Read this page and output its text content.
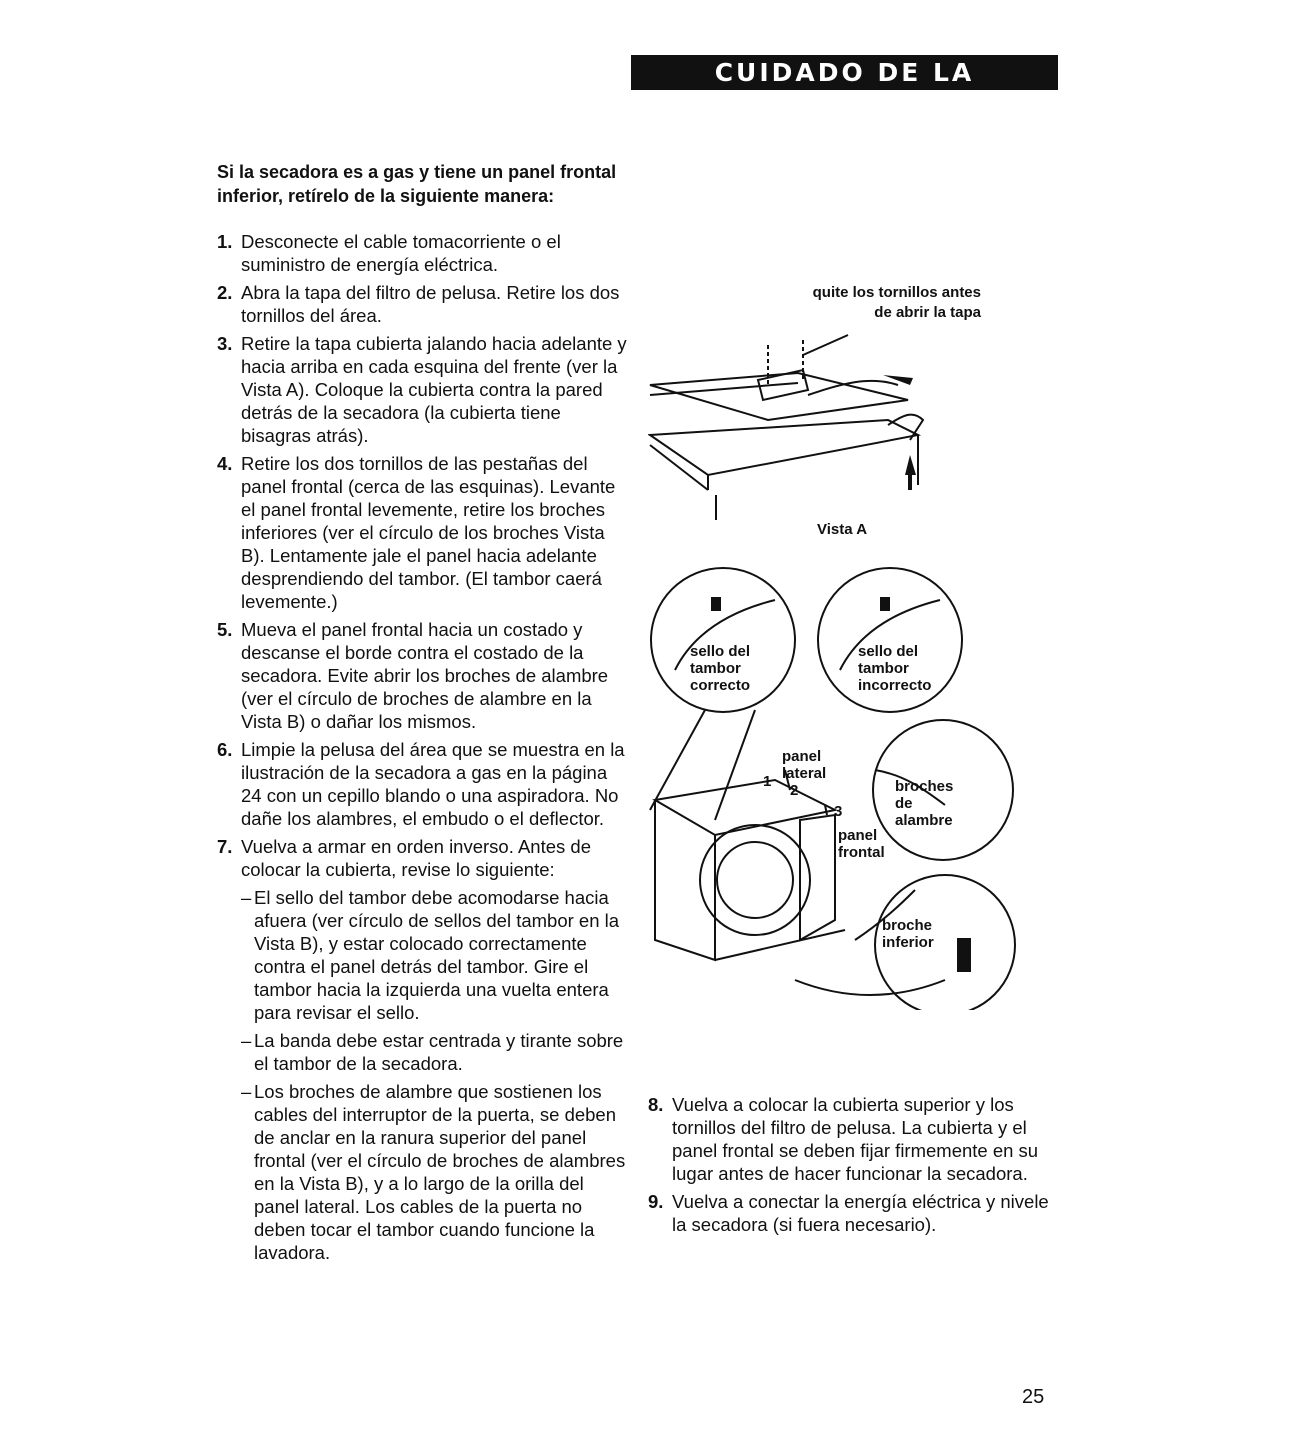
CUIDADO DE LA SECADORA
Si la secadora es a gas y tiene un panel frontal inferior, retírelo de la siguiente manera:
1. Desconecte el cable tomacorriente o el suministro de energía eléctrica.
2. Abra la tapa del filtro de pelusa. Retire los dos tornillos del área.
3. Retire la tapa cubierta jalando hacia adelante y hacia arriba en cada esquina del frente (ver la Vista A). Coloque la cubierta contra la pared detrás de la secadora (la cubierta tiene bisagras atrás).
4. Retire los dos tornillos de las pestañas del panel frontal (cerca de las esquinas). Levante el panel frontal levemente, retire los broches inferiores (ver el círculo de los broches Vista B). Lentamente jale el panel hacia adelante desprendiendo del tambor. (El tambor caerá levemente.)
5. Mueva el panel frontal hacia un costado y descanse el borde contra el costado de la secadora. Evite abrir los broches de alambre (ver el círculo de broches de alambre en la Vista B) o dañar los mismos.
6. Limpie la pelusa del área que se muestra en la ilustración de la secadora a gas en la página 24 con un cepillo blando o una aspiradora. No dañe los alambres, el embudo o el deflector.
7. Vuelva a armar en orden inverso. Antes de colocar la cubierta, revise lo siguiente:
– El sello del tambor debe acomodarse hacia afuera (ver círculo de sellos del tambor en la Vista B), y estar colocado correctamente contra el panel detrás del tambor. Gire el tambor hacia la izquierda una vuelta entera para revisar el sello.
– La banda debe estar centrada y tirante sobre el tambor de la secadora.
– Los broches de alambre que sostienen los cables del interruptor de la puerta, se deben de anclar en la ranura superior del panel frontal (ver el círculo de broches de alambres en la Vista B), y a lo largo de la orilla del panel lateral. Los cables de la puerta no deben tocar el tambor cuando funcione la lavadora.
quite los tornillos antes de abrir la tapa
Vista A
sello del tambor correcto
sello del tambor incorrecto
panel lateral
broches de alambre
panel frontal
broche inferior
1
2
3
8. Vuelva a colocar la cubierta superior y los tornillos del filtro de pelusa. La cubierta y el panel frontal se deben fijar firmemente en su lugar antes de hacer funcionar la secadora.
9. Vuelva a conectar la energía eléctrica y nivele la secadora (si fuera necesario).
25
